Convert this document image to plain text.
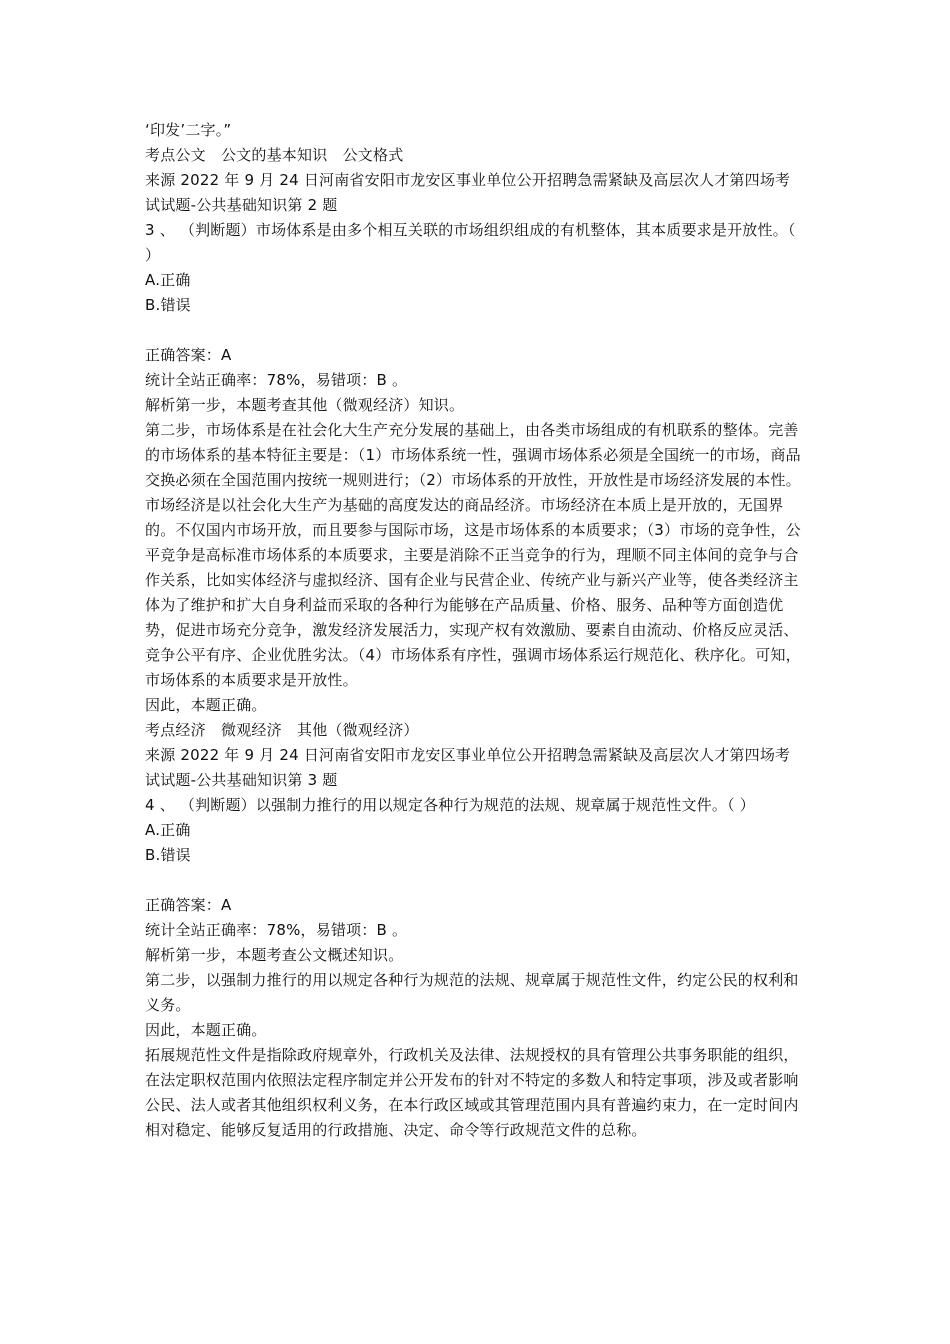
‘印发’二字。”

考点公文　公文的基本知识　公文格式

来源 2022 年 9 月 24 日河南省安阳市龙安区事业单位公开招聘急需紧缺及高层次人才第四场考试试题-公共基础知识第 2 题

3 、 （判断题）市场体系是由多个相互关联的市场组织组成的有机整体，其本质要求是开放性。（ ）

A.正确

B.错误

正确答案：A

统计全站正确率：78%，易错项：B 。

解析第一步，本题考查其他（微观经济）知识。

第二步，市场体系是在社会化大生产充分发展的基础上，由各类市场组成的有机联系的整体。完善的市场体系的基本特征主要是：（1）市场体系统一性，强调市场体系必须是全国统一的市场，商品交换必须在全国范围内按统一规则进行；（2）市场体系的开放性，开放性是市场经济发展的本性。市场经济是以社会化大生产为基础的高度发达的商品经济。市场经济在本质上是开放的，无国界的。不仅国内市场开放，而且要参与国际市场，这是市场体系的本质要求；（3）市场的竞争性，公平竞争是高标准市场体系的本质要求，主要是消除不正当竞争的行为，理顺不同主体间的竞争与合作关系，比如实体经济与虚拟经济、国有企业与民营企业、传统产业与新兴产业等，使各类经济主体为了维护和扩大自身利益而采取的各种行为能够在产品质量、价格、服务、品种等方面创造优势，促进市场充分竞争，激发经济发展活力，实现产权有效激励、要素自由流动、价格反应灵活、竞争公平有序、企业优胜劣汰。（4）市场体系有序性，强调市场体系运行规范化、秩序化。可知，市场体系的本质要求是开放性。

因此，本题正确。

考点经济　微观经济　其他（微观经济）

来源 2022 年 9 月 24 日河南省安阳市龙安区事业单位公开招聘急需紧缺及高层次人才第四场考试试题-公共基础知识第 3 题

4 、 （判断题）以强制力推行的用以规定各种行为规范的法规、规章属于规范性文件。（ ）

A.正确

B.错误

正确答案：A

统计全站正确率：78%，易错项：B 。

解析第一步，本题考查公文概述知识。

第二步，以强制力推行的用以规定各种行为规范的法规、规章属于规范性文件，约定公民的权利和义务。

因此，本题正确。

拓展规范性文件是指除政府规章外，行政机关及法律、法规授权的具有管理公共事务职能的组织，在法定职权范围内依照法定程序制定并公开发布的针对不特定的多数人和特定事项，涉及或者影响公民、法人或者其他组织权利义务，在本行政区域或其管理范围内具有普遍约束力，在一定时间内相对稳定、能够反复适用的行政措施、决定、命令等行政规范文件的总称。
